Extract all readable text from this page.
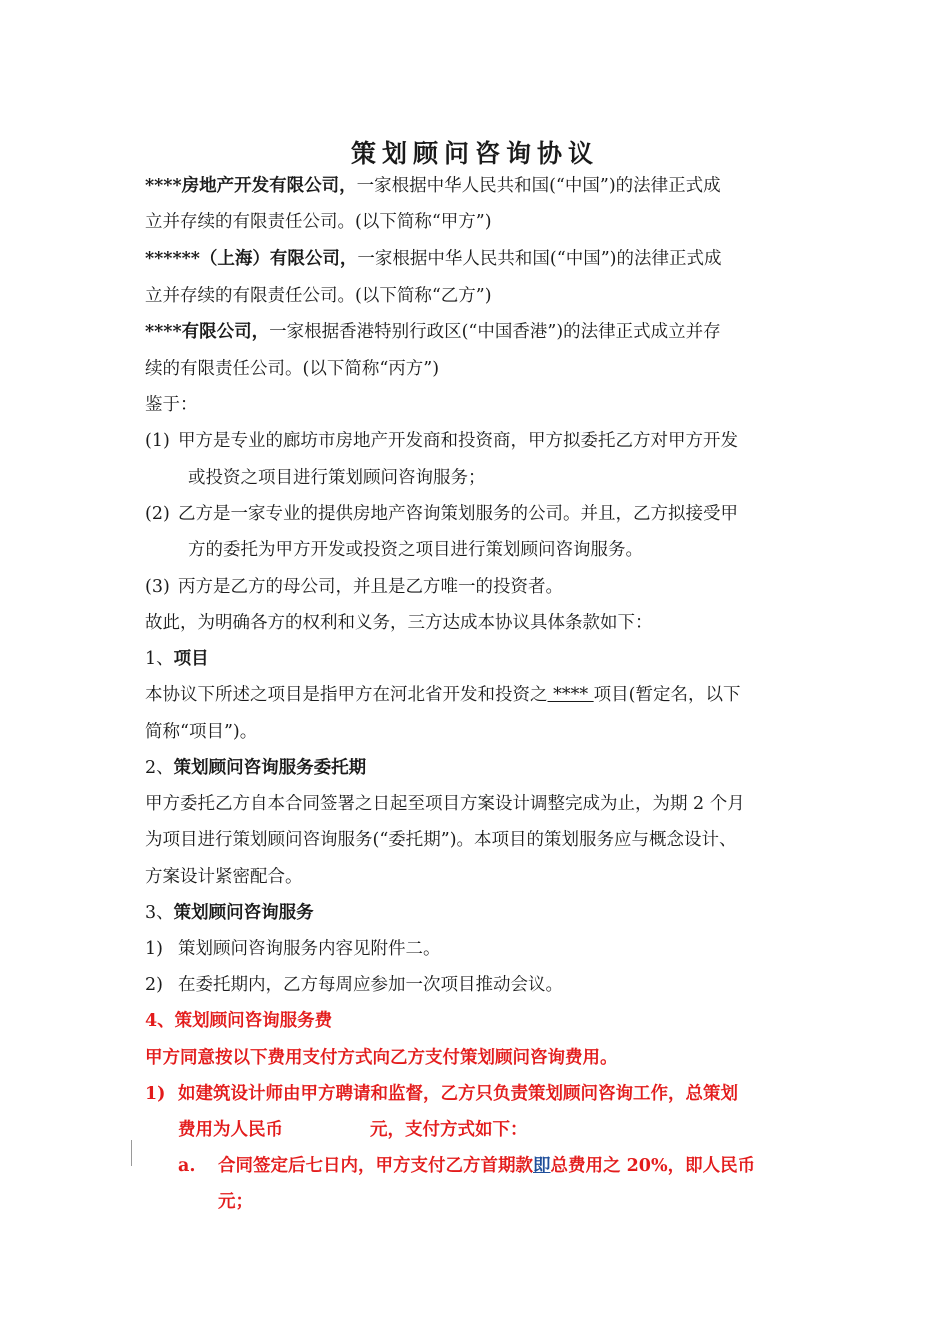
策划顾问咨询协议
****房地产开发有限公司，一家根据中华人民共和国(“中国”)的法律正式成
立并存续的有限责任公司。(以下简称“甲方”)
******（上海）有限公司，一家根据中华人民共和国(“中国”)的法律正式成
立并存续的有限责任公司。(以下简称“乙方”)
****有限公司，一家根据香港特别行政区(“中国香港”)的法律正式成立并存
续的有限责任公司。(以下简称“丙方”)
鉴于：
(1) 甲方是专业的廊坊市房地产开发商和投资商，甲方拟委托乙方对甲方开发
或投资之项目进行策划顾问咨询服务；
(2) 乙方是一家专业的提供房地产咨询策划服务的公司。并且，乙方拟接受甲
方的委托为甲方开发或投资之项目进行策划顾问咨询服务。
(3) 丙方是乙方的母公司，并且是乙方唯一的投资者。
故此，为明确各方的权利和义务，三方达成本协议具体条款如下：
1、项目
本协议下所述之项目是指甲方在河北省开发和投资之 **** 项目(暂定名，以下
简称“项目”)。
2、策划顾问咨询服务委托期
甲方委托乙方自本合同签署之日起至项目方案设计调整完成为止，为期 2 个月
为项目进行策划顾问咨询服务(“委托期”)。本项目的策划服务应与概念设计、
方案设计紧密配合。
3、策划顾问咨询服务
1) 策划顾问咨询服务内容见附件二。
2) 在委托期内，乙方每周应参加一次项目推动会议。
4、策划顾问咨询服务费
甲方同意按以下费用支付方式向乙方支付策划顾问咨询费用。
1) 如建筑设计师由甲方聘请和监督，乙方只负责策划顾问咨询工作，总策划
费用为人民币	元，支付方式如下：
a. 合同签定后七日内，甲方支付乙方首期款即总费用之 20%，即人民币
元；
